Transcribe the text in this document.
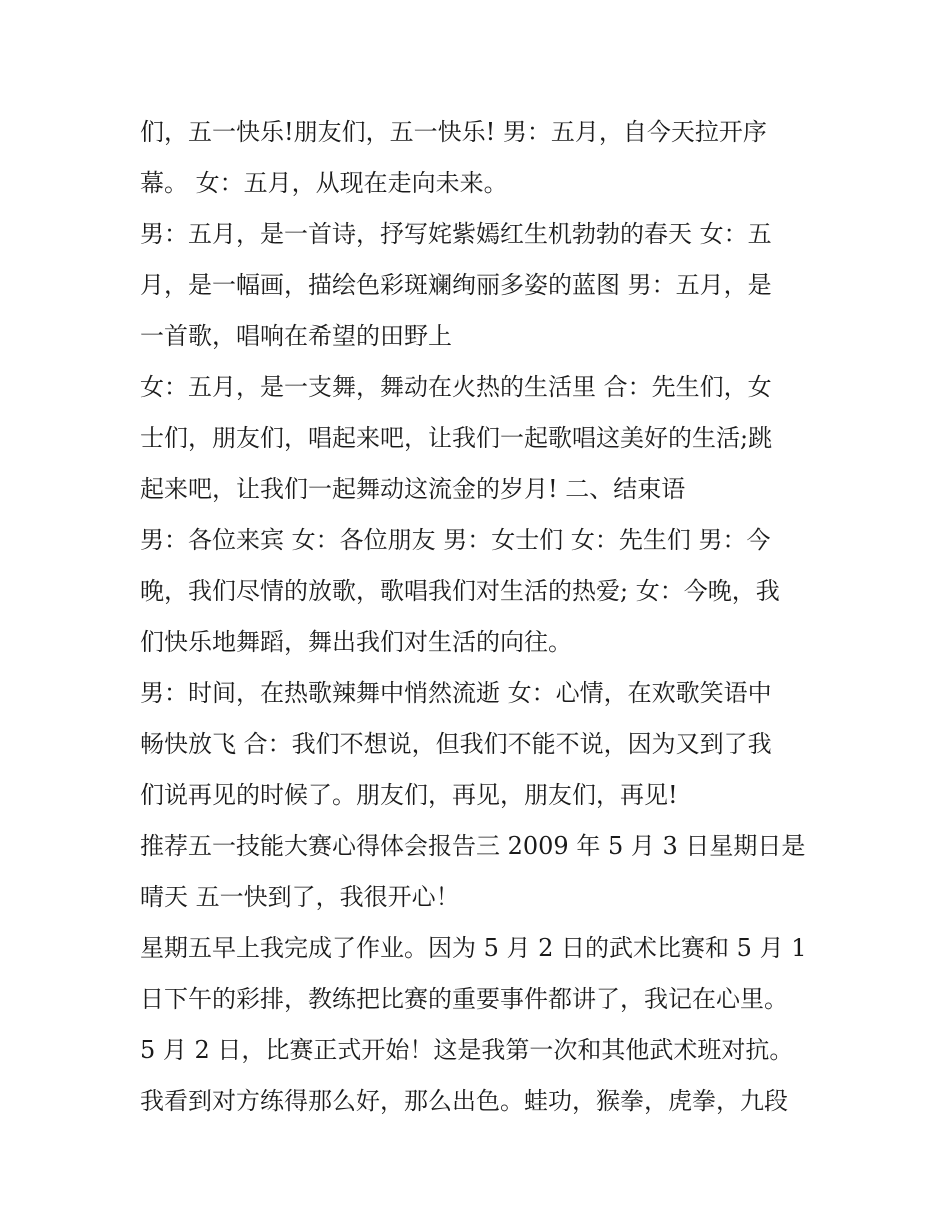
们，五一快乐!朋友们，五一快乐! 男：五月，自今天拉开序
幕。 女：五月，从现在走向未来。
男：五月，是一首诗，抒写姹紫嫣红生机勃勃的春天 女：五
月，是一幅画，描绘色彩斑斓绚丽多姿的蓝图 男：五月，是
一首歌，唱响在希望的田野上
女：五月，是一支舞，舞动在火热的生活里 合：先生们，女
士们，朋友们，唱起来吧，让我们一起歌唱这美好的生活;跳
起来吧，让我们一起舞动这流金的岁月! 二、结束语
男：各位来宾 女：各位朋友 男：女士们 女：先生们 男：今
晚，我们尽情的放歌，歌唱我们对生活的热爱; 女：今晚，我
们快乐地舞蹈，舞出我们对生活的向往。
男：时间，在热歌辣舞中悄然流逝 女：心情，在欢歌笑语中
畅快放飞 合：我们不想说，但我们不能不说，因为又到了我
们说再见的时候了。朋友们，再见，朋友们，再见!
推荐五一技能大赛心得体会报告三 2009 年 5 月 3 日星期日是
晴天 五一快到了，我很开心！
星期五早上我完成了作业。因为 5 月 2 日的武术比赛和 5 月 1
日下午的彩排，教练把比赛的重要事件都讲了，我记在心里。
5 月 2 日，比赛正式开始！这是我第一次和其他武术班对抗。
我看到对方练得那么好，那么出色。蛙功，猴拳，虎拳，九段
